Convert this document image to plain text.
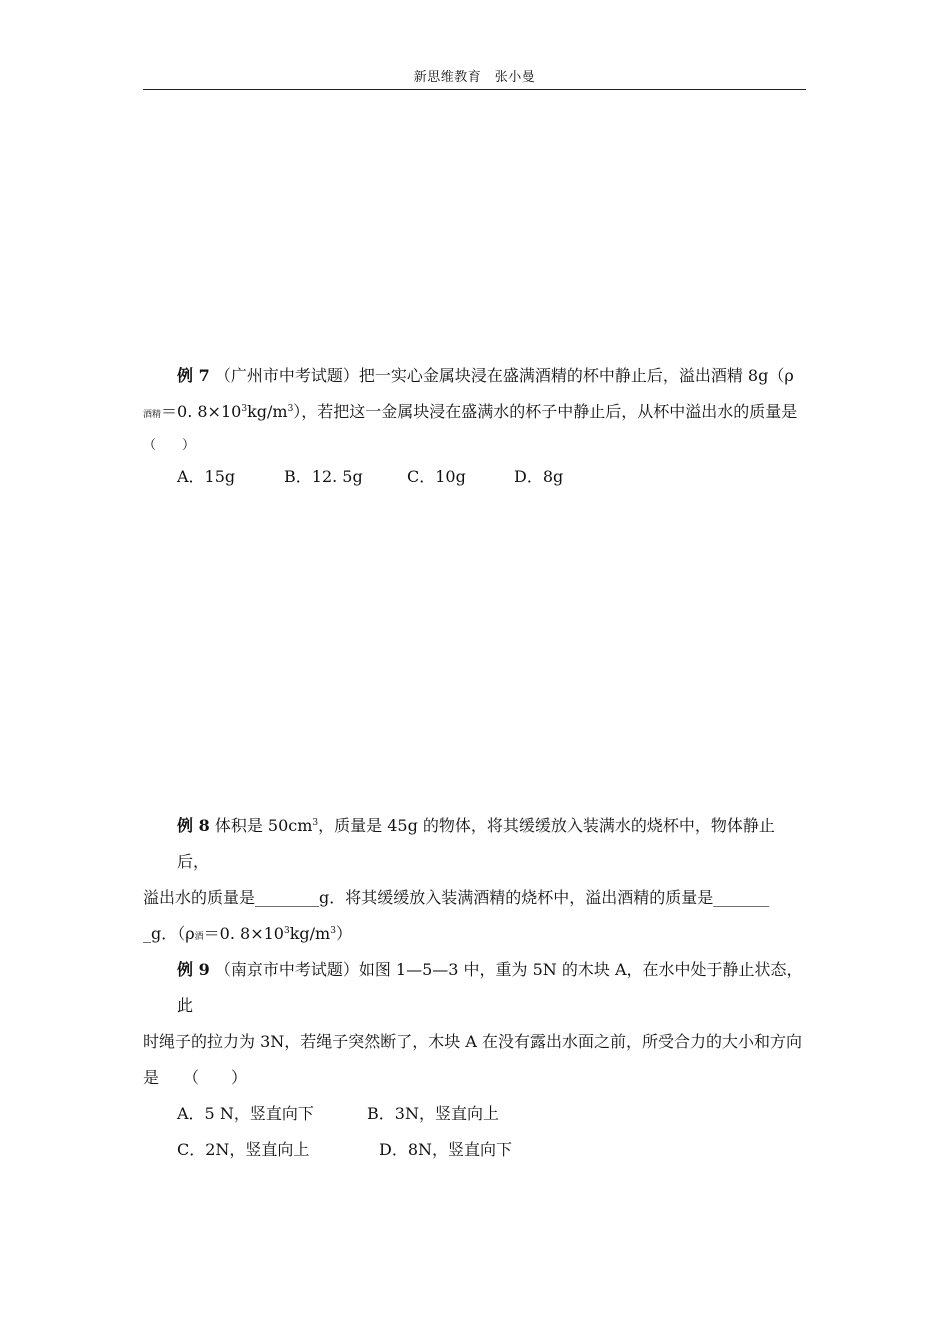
新思维教育　张小曼

例 7 （广州市中考试题）把一实心金属块浸在盛满酒精的杯中静止后，溢出酒精 8g（ρ

酒精＝0. $8\times 10^3kg/m^3$），若把这一金属块浸在盛满水的杯子中静止后，从杯中溢出水的质量是

（　　）

A．15g	B．12. 5g	C．10g	D．8g

例 8 体积是 $50cm^3$，质量是 45g 的物体，将其缓缓放入装满水的烧杯中，物体静止后，

溢出水的质量是________g．将其缓缓放入装满酒精的烧杯中，溢出酒精的质量是_______

_g．（ρ酒＝0. $8\times 10^3kg/m^3$）

例 9 （南京市中考试题）如图 1—5—3 中，重为 5N 的木块 A，在水中处于静止状态，此

时绳子的拉力为 3N，若绳子突然断了，木块 A 在没有露出水面之前，所受合力的大小和方向

是　　（　　）

A．5 N，竖直向下	B．3N，竖直向上

C．2N，竖直向上	D．8N，竖直向下
